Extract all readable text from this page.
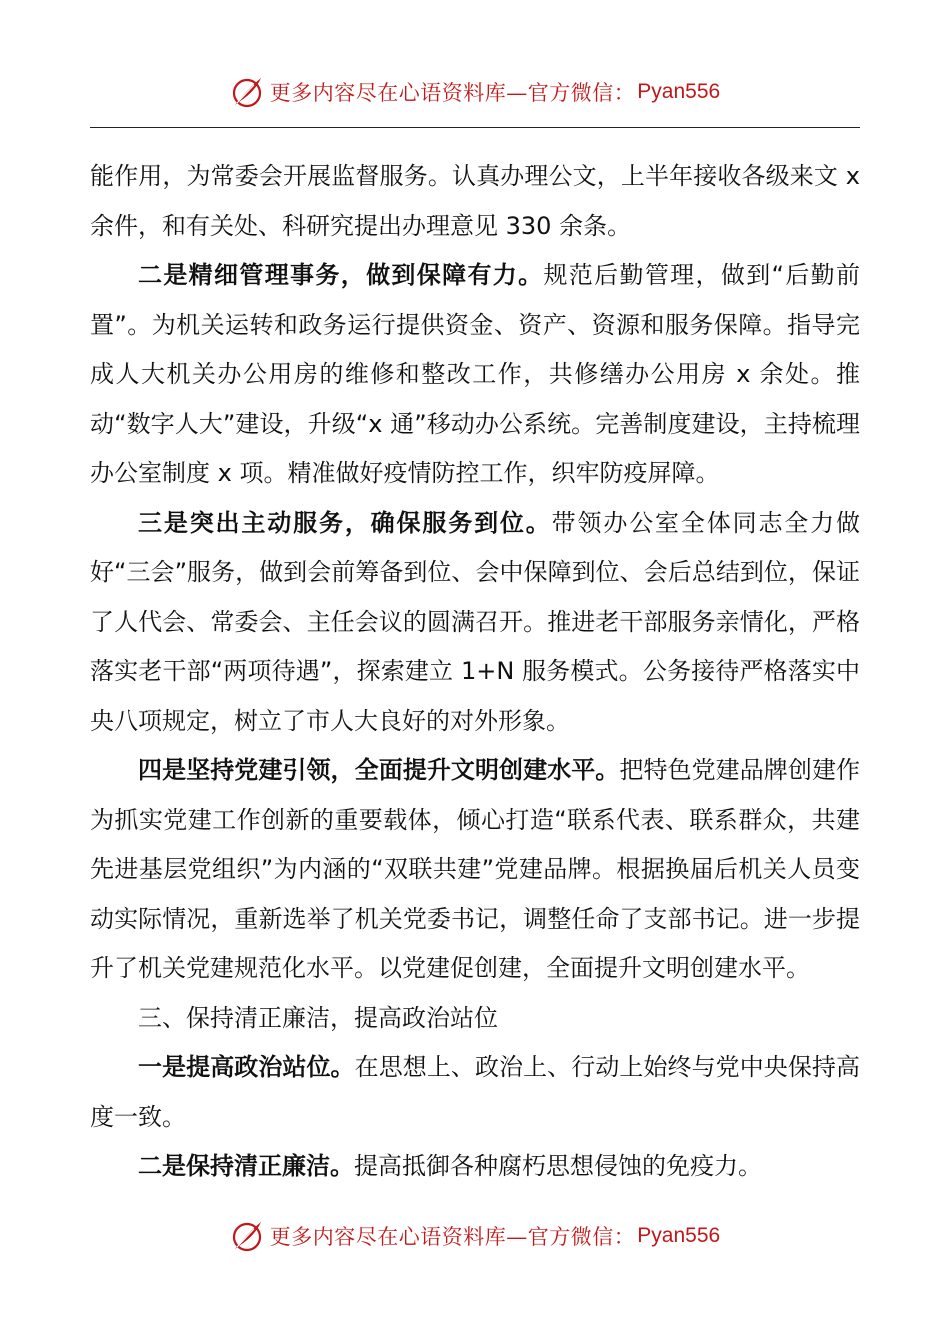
更多内容尽在心语资料库—官方微信： Pyan556

能作用，为常委会开展监督服务。认真办理公文，上半年接收各级来文 x 余件，和有关处、科研究提出办理意见 330 余条。

二是精细管理事务，做到保障有力。规范后勤管理，做到“后勤前置”。为机关运转和政务运行提供资金、资产、资源和服务保障。指导完成人大机关办公用房的维修和整改工作，共修缮办公用房 x 余处。推动“数字人大”建设，升级“x 通”移动办公系统。完善制度建设，主持梳理办公室制度 x 项。精准做好疫情防控工作，织牢防疫屏障。

三是突出主动服务，确保服务到位。带领办公室全体同志全力做好“三会”服务，做到会前筹备到位、会中保障到位、会后总结到位，保证了人代会、常委会、主任会议的圆满召开。推进老干部服务亲情化，严格落实老干部“两项待遇”，探索建立 1+N 服务模式。公务接待严格落实中央八项规定，树立了市人大良好的对外形象。

四是坚持党建引领，全面提升文明创建水平。把特色党建品牌创建作为抓实党建工作创新的重要载体，倾心打造“联系代表、联系群众，共建先进基层党组织”为内涵的“双联共建”党建品牌。根据换届后机关人员变动实际情况，重新选举了机关党委书记，调整任命了支部书记。进一步提升了机关党建规范化水平。以党建促创建，全面提升文明创建水平。

三、保持清正廉洁，提高政治站位

一是提高政治站位。在思想上、政治上、行动上始终与党中央保持高度一致。

二是保持清正廉洁。提高抵御各种腐朽思想侵蚀的免疫力。

更多内容尽在心语资料库—官方微信： Pyan556
